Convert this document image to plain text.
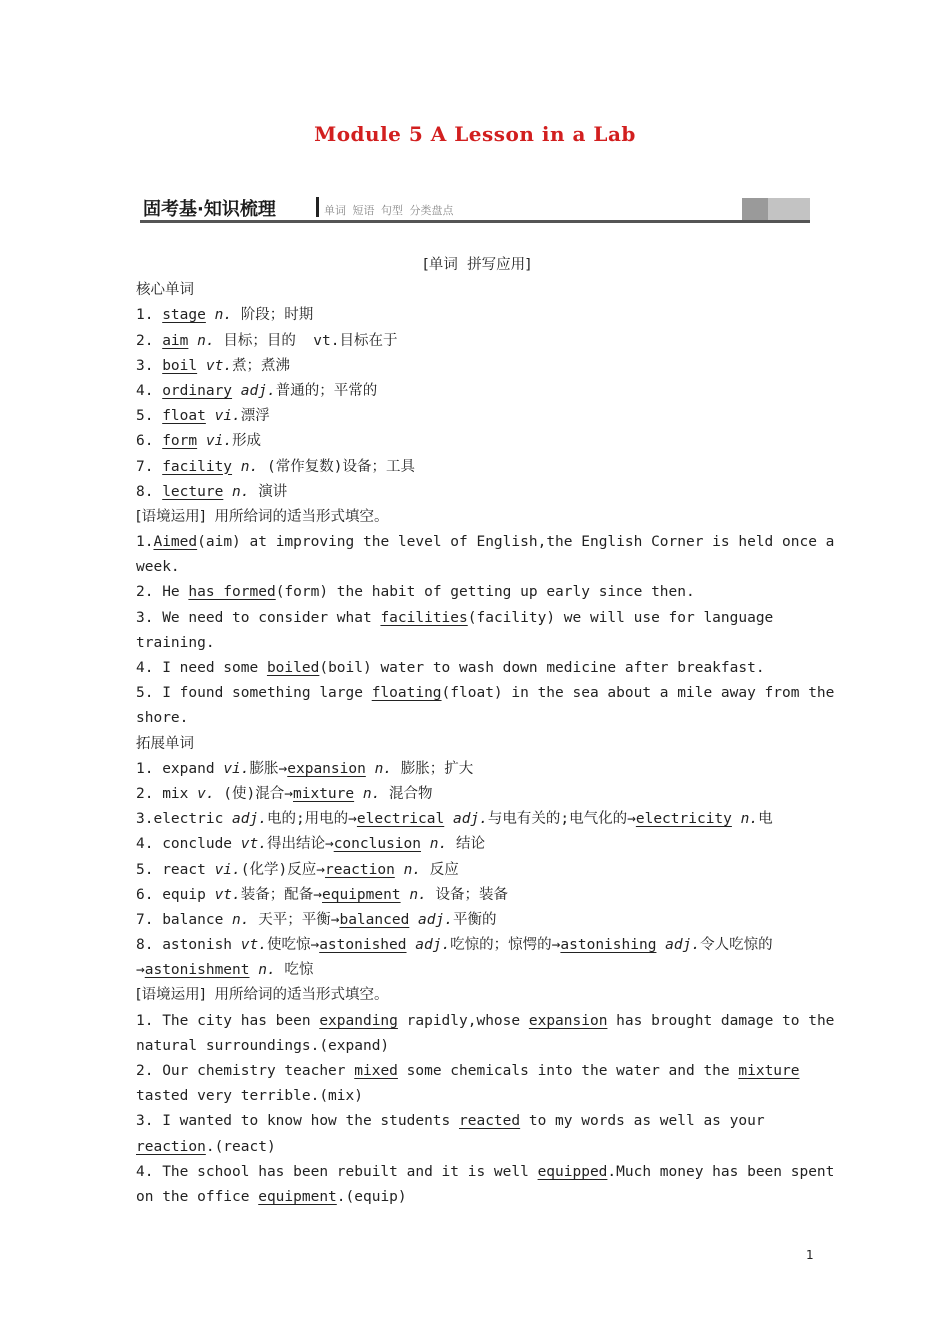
Module 5 A Lesson in a Lab
固考基·知识梳理	单词 短语 句型 分类盘点
[单词  拼写应用]
核心单词
1. stage n. 阶段；时期
2. aim n. 目标；目的  vt.目标在于
3. boil vt.煮；煮沸
4. ordinary adj.普通的；平常的
5. float vi.漂浮
6. form vi.形成
7. facility n. (常作复数)设备；工具
8. lecture n. 演讲
[语境运用]  用所给词的适当形式填空。
1.Aimed(aim) at improving the level of English,the English Corner is held once a
week.
2. He has formed(form) the habit of getting up early since then.
3. We need to consider what facilities(facility) we will use for language
training.
4. I need some boiled(boil) water to wash down medicine after breakfast.
5. I found something large floating(float) in the sea about a mile away from the
shore.
拓展单词
1. expand vi.膨胀→expansion n. 膨胀；扩大
2. mix v. (使)混合→mixture n. 混合物
3.electric adj.电的;用电的→electrical adj.与电有关的;电气化的→electricity n.电
4. conclude vt.得出结论→conclusion n. 结论
5. react vi.(化学)反应→reaction n. 反应
6. equip vt.装备；配备→equipment n. 设备；装备
7. balance n. 天平；平衡→balanced adj.平衡的
8. astonish vt.使吃惊→astonished adj.吃惊的；惊愕的→astonishing adj.令人吃惊的
→astonishment n. 吃惊
[语境运用]  用所给词的适当形式填空。
1. The city has been expanding rapidly,whose expansion has brought damage to the
natural surroundings.(expand)
2. Our chemistry teacher mixed some chemicals into the water and the mixture
tasted very terrible.(mix)
3. I wanted to know how the students reacted to my words as well as your
reaction.(react)
4. The school has been rebuilt and it is well equipped.Much money has been spent
on the office equipment.(equip)
1
